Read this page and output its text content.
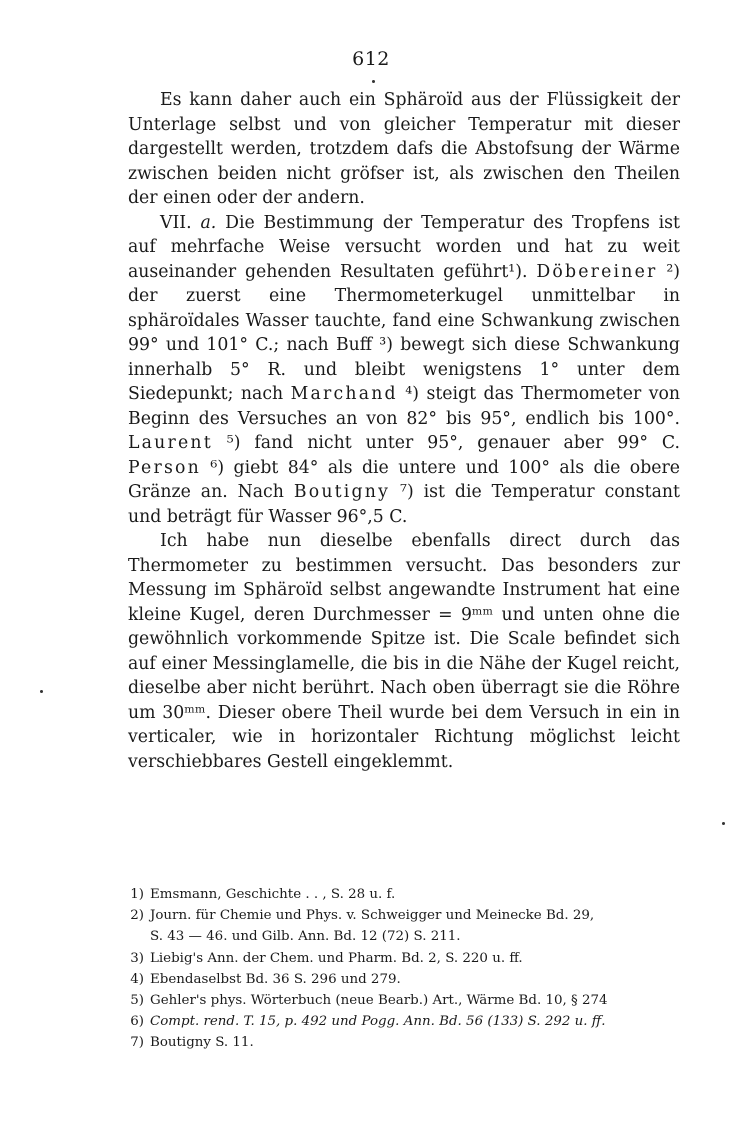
612

Es kann daher auch ein Sphäroïd aus der Flüssigkeit der Unterlage selbst und von gleicher Temperatur mit dieser dargestellt werden, trotzdem dafs die Abstofsung der Wärme zwischen beiden nicht gröfser ist, als zwischen den Theilen der einen oder der andern.

VII. a. Die Bestimmung der Temperatur des Tropfens ist auf mehrfache Weise versucht worden und hat zu weit auseinander gehenden Resultaten geführt¹). Döbereiner ²) der zuerst eine Thermometerkugel unmittelbar in sphäroïdales Wasser tauchte, fand eine Schwankung zwischen 99° und 101° C.; nach Buff ³) bewegt sich diese Schwankung innerhalb 5° R. und bleibt wenigstens 1° unter dem Siedepunkt; nach Marchand ⁴) steigt das Thermometer von Beginn des Versuches an von 82° bis 95°, endlich bis 100°. Laurent ⁵) fand nicht unter 95°, genauer aber 99° C. Person ⁶) giebt 84° als die untere und 100° als die obere Gränze an. Nach Boutigny ⁷) ist die Temperatur constant und beträgt für Wasser 96°,5 C.

Ich habe nun dieselbe ebenfalls direct durch das Thermometer zu bestimmen versucht. Das besonders zur Messung im Sphäroïd selbst angewandte Instrument hat eine kleine Kugel, deren Durchmesser = 9ᵐᵐ und unten ohne die gewöhnlich vorkommende Spitze ist. Die Scale befindet sich auf einer Messinglamelle, die bis in die Nähe der Kugel reicht, dieselbe aber nicht berührt. Nach oben überragt sie die Röhre um 30ᵐᵐ. Dieser obere Theil wurde bei dem Versuch in ein in verticaler, wie in horizontaler Richtung möglichst leicht verschiebbares Gestell eingeklemmt.

1) Emsmann, Geschichte . . , S. 28 u. f.

2) Journ. für Chemie und Phys. v. Schweigger und Meinecke Bd. 29,

S. 43 — 46. und Gilb. Ann. Bd. 12 (72) S. 211.

3) Liebig's Ann. der Chem. und Pharm. Bd. 2, S. 220 u. ff.

4) Ebendaselbst Bd. 36 S. 296 und 279.

5) Gehler's phys. Wörterbuch (neue Bearb.) Art., Wärme Bd. 10, § 274

6) Compt. rend. T. 15, p. 492 und Pogg. Ann. Bd. 56 (133) S. 292 u. ff.

7) Boutigny S. 11.
